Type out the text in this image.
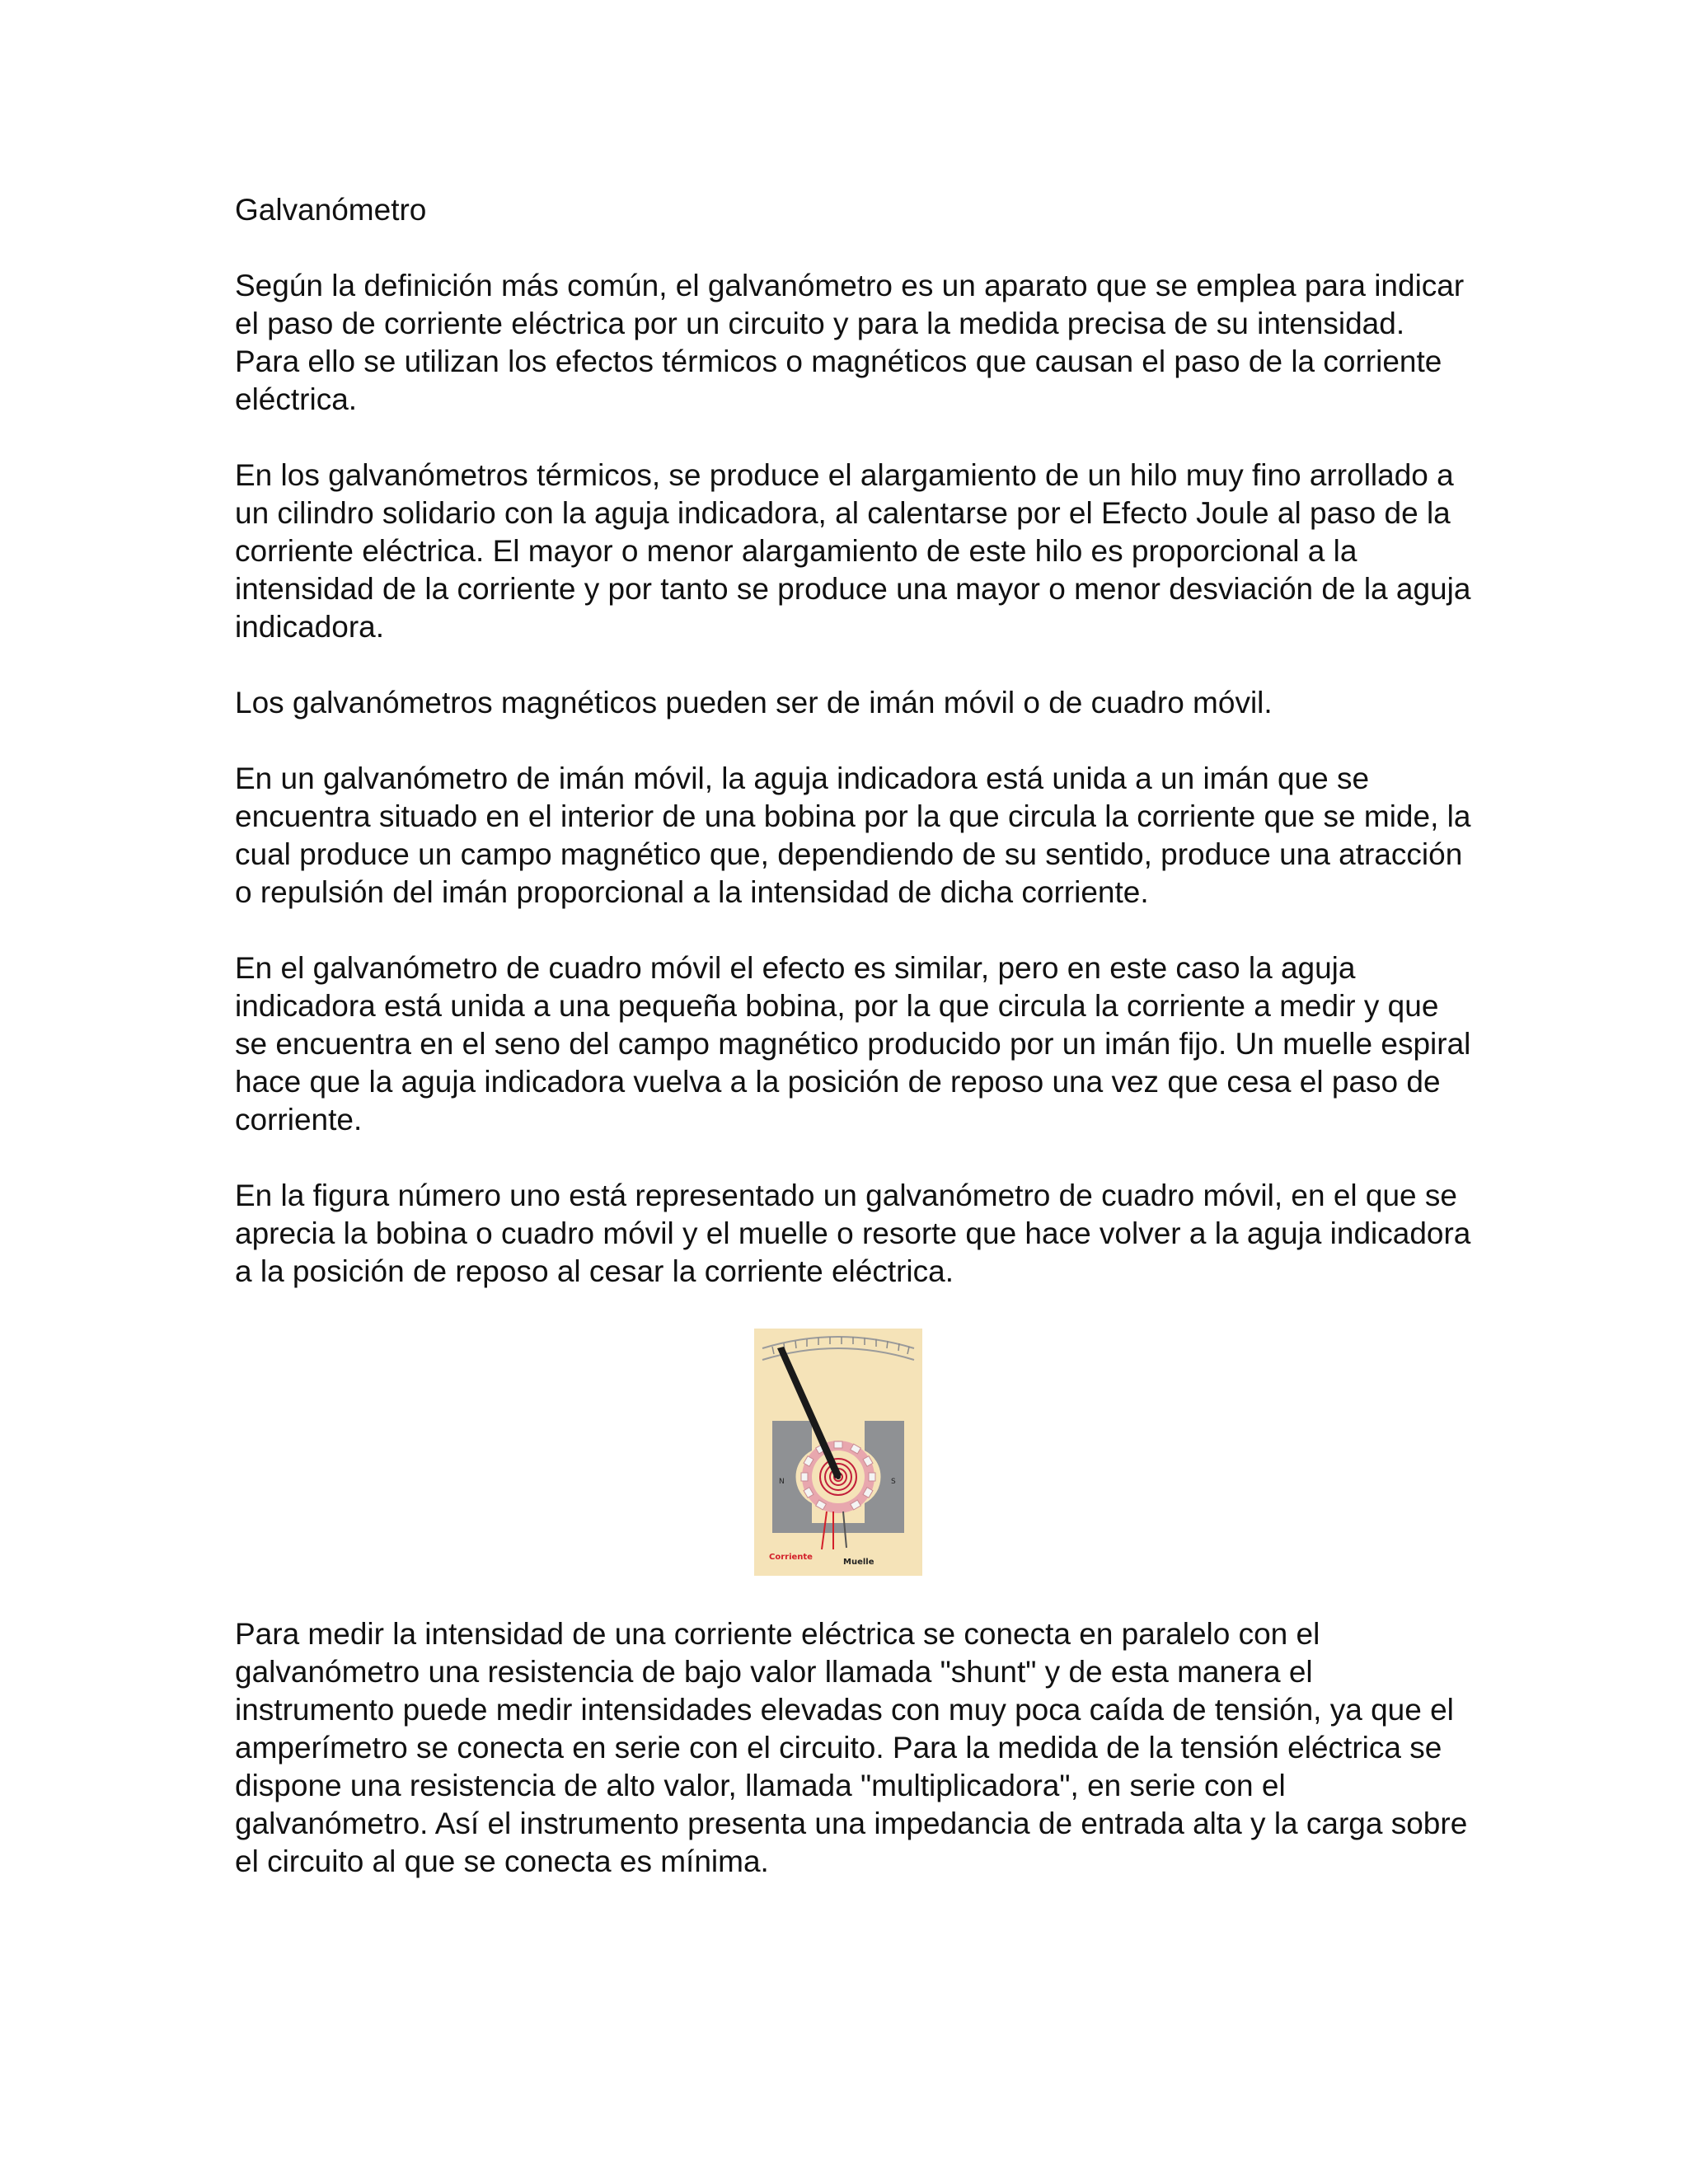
Galvanómetro

Según la definición más común, el galvanómetro es un aparato que se emplea para indicar el paso de corriente eléctrica por un circuito y para la medida precisa de su intensidad. Para ello se utilizan los efectos térmicos o magnéticos que causan el paso de la corriente eléctrica.

En los galvanómetros térmicos, se produce el alargamiento de un hilo muy fino arrollado a un cilindro solidario con la aguja indicadora, al calentarse por el Efecto Joule al paso de la corriente eléctrica. El mayor o menor alargamiento de este hilo es proporcional a la intensidad de la corriente y por tanto se produce una mayor o menor desviación de la aguja indicadora.

Los galvanómetros magnéticos pueden ser de imán móvil o de cuadro móvil.

En un galvanómetro de imán móvil, la aguja indicadora está unida a un imán que se encuentra situado en el interior de una bobina por la que circula la corriente que se mide, la cual produce un campo magnético que, dependiendo de su sentido, produce una atracción o repulsión del imán proporcional a la intensidad de dicha corriente.

En el galvanómetro de cuadro móvil el efecto es similar, pero en este caso la aguja indicadora está unida a una pequeña bobina, por la que circula la corriente a medir y que se encuentra en el seno del campo magnético producido por un imán fijo. Un muelle espiral hace que la aguja indicadora vuelva a la posición de reposo una vez que cesa el paso de corriente.

En la figura número uno está representado un galvanómetro de cuadro móvil, en el que se aprecia la bobina o cuadro móvil y el muelle o resorte que hace volver a la aguja indicadora a la posición de reposo al cesar la corriente eléctrica.

N	S
Corriente
Muelle

Para medir la intensidad de una corriente eléctrica se conecta en paralelo con el galvanómetro una resistencia de bajo valor llamada "shunt" y de esta manera el instrumento puede medir intensidades elevadas con muy poca caída de tensión, ya que el amperímetro se conecta en serie con el circuito. Para la medida de la tensión eléctrica se dispone una resistencia de alto valor, llamada "multiplicadora", en serie con el galvanómetro. Así el instrumento presenta una impedancia de entrada alta y la carga sobre el circuito al que se conecta es mínima.
